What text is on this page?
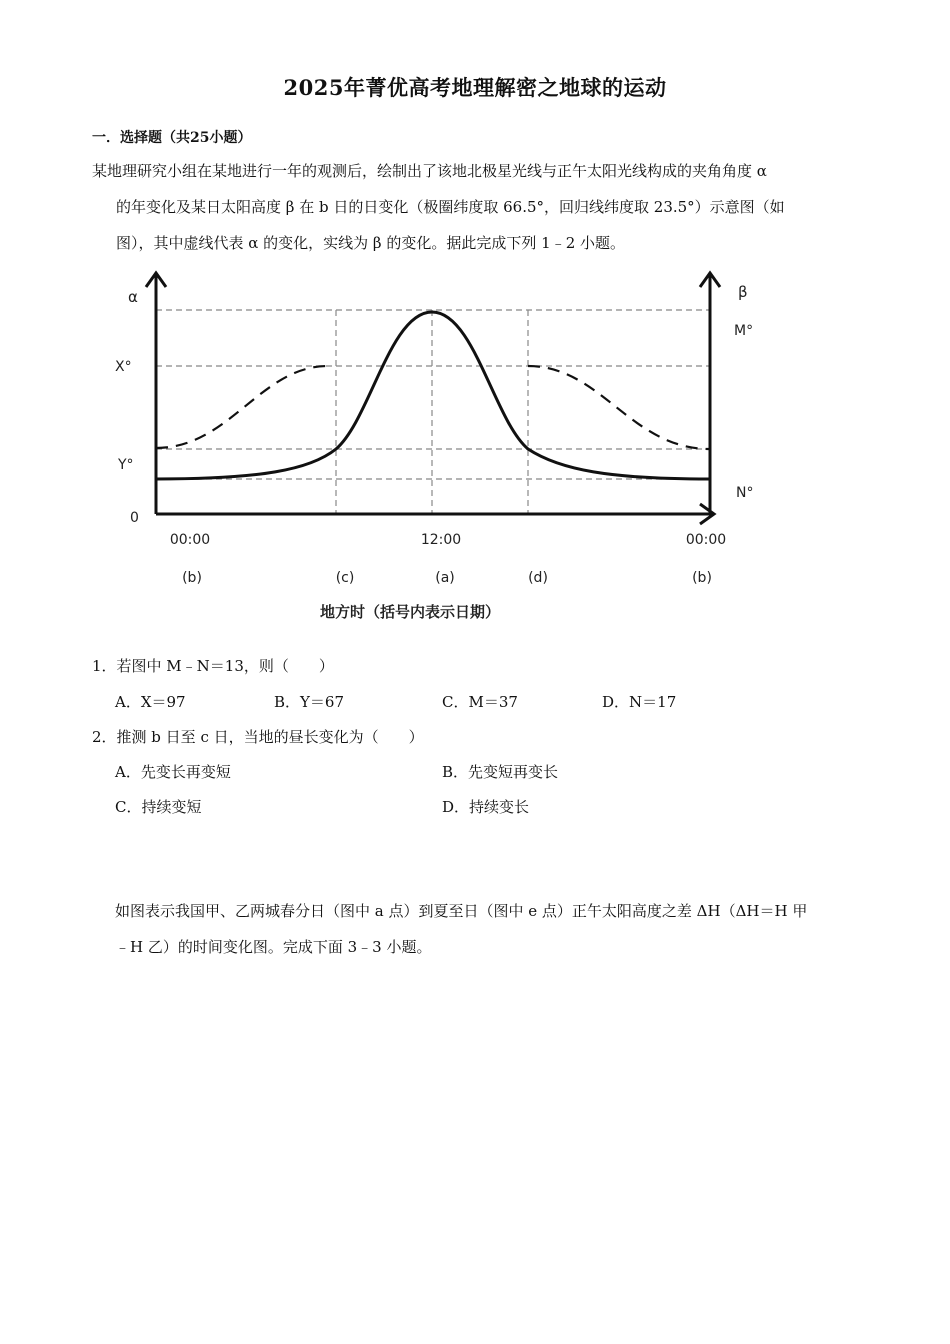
2025年菁优高考地理解密之地球的运动
一．选择题（共25小题）
某地理研究小组在某地进行一年的观测后，绘制出了该地北极星光线与正午太阳光线构成的夹角角度 α
的年变化及某日太阳高度 β 在 b 日的日变化（极圈纬度取 66.5°，回归线纬度取 23.5°）示意图（如
图），其中虚线代表 α 的变化，实线为 β 的变化。据此完成下列 1﹣2 小题。
α	β
X°
Y°
0
M°
N°
00:00	12:00	00:00
(b)	(c)	(a)	(d)	(b)
地方时（括号内表示日期）
1．若图中 M﹣N＝13，则（　　）
A．X＝97	B．Y＝67	C．M＝37	D．N＝17
2．推测 b 日至 c 日，当地的昼长变化为（　　）
A．先变长再变短	B．先变短再变长
C．持续变短	D．持续变长
如图表示我国甲、乙两城春分日（图中 a 点）到夏至日（图中 e 点）正午太阳高度之差 ΔH（ΔH＝H 甲
﹣H 乙）的时间变化图。完成下面 3﹣3 小题。
